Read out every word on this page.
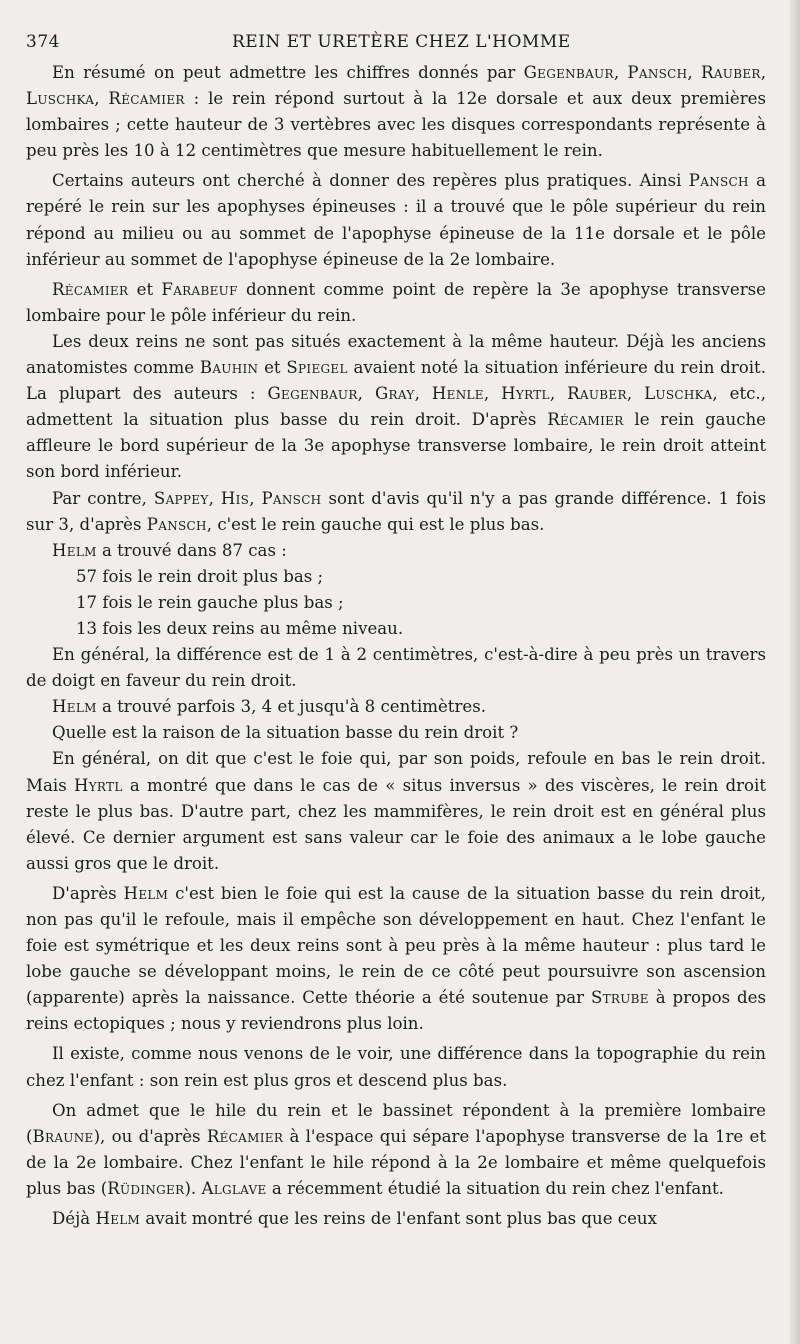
374	REIN ET URETÈRE CHEZ L'HOMME

En résumé on peut admettre les chiffres donnés par Gegenbaur, Pansch, Rauber, Luschka, Récamier : le rein répond surtout à la 12e dorsale et aux deux premières lombaires ; cette hauteur de 3 vertèbres avec les disques correspondants représente à peu près les 10 à 12 centimètres que mesure habituellement le rein.

Certains auteurs ont cherché à donner des repères plus pratiques. Ainsi Pansch a repéré le rein sur les apophyses épineuses : il a trouvé que le pôle supérieur du rein répond au milieu ou au sommet de l'apophyse épineuse de la 11e dorsale et le pôle inférieur au sommet de l'apophyse épineuse de la 2e lombaire.

Récamier et Farabeuf donnent comme point de repère la 3e apophyse transverse lombaire pour le pôle inférieur du rein.

Les deux reins ne sont pas situés exactement à la même hauteur. Déjà les anciens anatomistes comme Bauhin et Spiegel avaient noté la situation inférieure du rein droit. La plupart des auteurs : Gegenbaur, Gray, Henle, Hyrtl, Rauber, Luschka, etc., admettent la situation plus basse du rein droit. D'après Récamier le rein gauche affleure le bord supérieur de la 3e apophyse transverse lombaire, le rein droit atteint son bord inférieur.

Par contre, Sappey, His, Pansch sont d'avis qu'il n'y a pas grande différence. 1 fois sur 3, d'après Pansch, c'est le rein gauche qui est le plus bas.

Helm a trouvé dans 87 cas :

57 fois le rein droit plus bas ;

17 fois le rein gauche plus bas ;

13 fois les deux reins au même niveau.

En général, la différence est de 1 à 2 centimètres, c'est-à-dire à peu près un travers de doigt en faveur du rein droit.

Helm a trouvé parfois 3, 4 et jusqu'à 8 centimètres.

Quelle est la raison de la situation basse du rein droit ?

En général, on dit que c'est le foie qui, par son poids, refoule en bas le rein droit. Mais Hyrtl a montré que dans le cas de « situs inversus » des viscères, le rein droit reste le plus bas. D'autre part, chez les mammifères, le rein droit est en général plus élevé. Ce dernier argument est sans valeur car le foie des animaux a le lobe gauche aussi gros que le droit.

D'après Helm c'est bien le foie qui est la cause de la situation basse du rein droit, non pas qu'il le refoule, mais il empêche son développement en haut. Chez l'enfant le foie est symétrique et les deux reins sont à peu près à la même hauteur : plus tard le lobe gauche se développant moins, le rein de ce côté peut poursuivre son ascension (apparente) après la naissance. Cette théorie a été soutenue par Strube à propos des reins ectopiques ; nous y reviendrons plus loin.

Il existe, comme nous venons de le voir, une différence dans la topographie du rein chez l'enfant : son rein est plus gros et descend plus bas.

On admet que le hile du rein et le bassinet répondent à la première lombaire (Braune), ou d'après Récamier à l'espace qui sépare l'apophyse transverse de la 1re et de la 2e lombaire. Chez l'enfant le hile répond à la 2e lombaire et même quelquefois plus bas (Rüdinger). Alglave a récemment étudié la situation du rein chez l'enfant.

Déjà Helm avait montré que les reins de l'enfant sont plus bas que ceux
